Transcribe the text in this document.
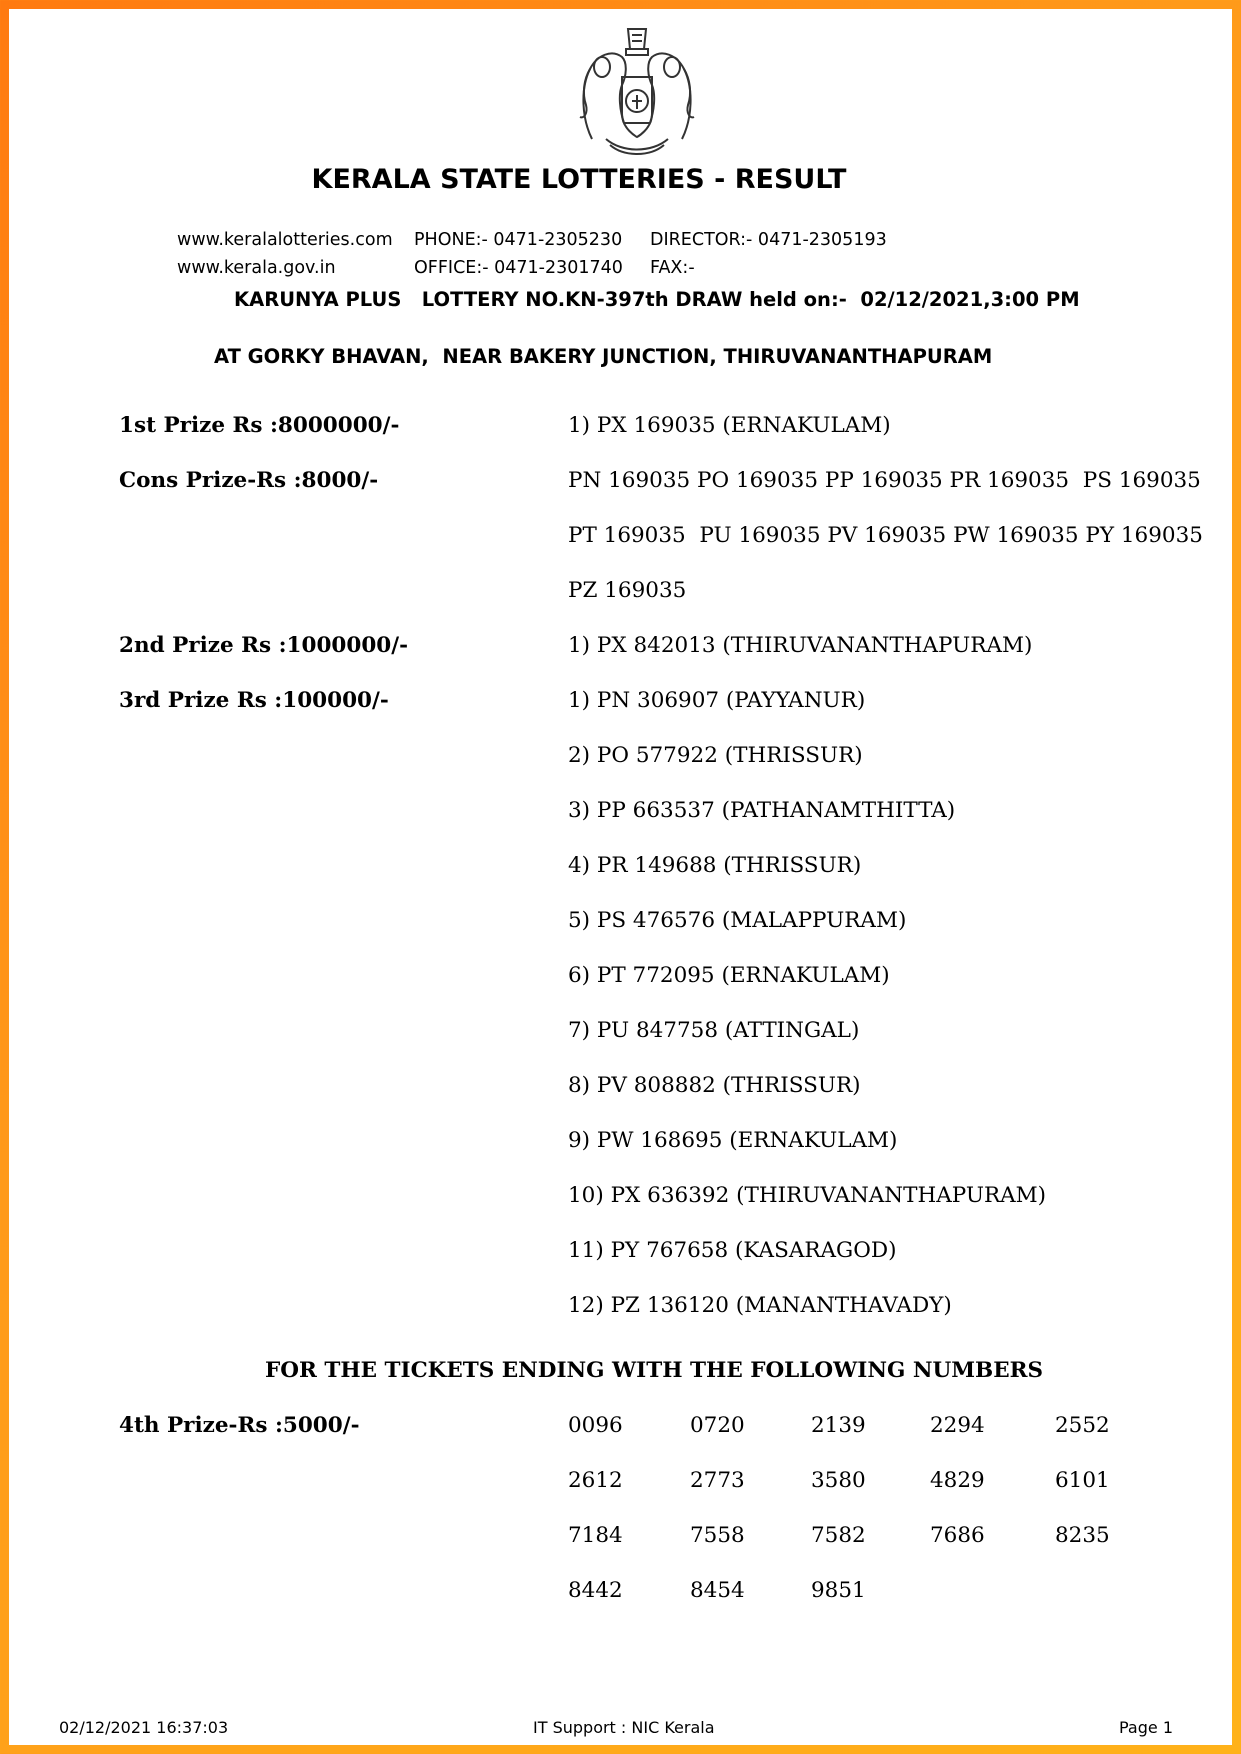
KERALA STATE LOTTERIES - RESULT
www.keralalotteries.com PHONE:- 0471-2305230 DIRECTOR:- 0471-2305193
www.kerala.gov.in	OFFICE:- 0471-2301740 FAX:-
KARUNYA PLUS   LOTTERY NO.KN-397th DRAW held on:-  02/12/2021,3:00 PM
AT GORKY BHAVAN,  NEAR BAKERY JUNCTION, THIRUVANANTHAPURAM
1st Prize Rs :8000000/-	1) PX 169035 (ERNAKULAM)
Cons Prize-Rs :8000/-	PN 169035 PO 169035 PP 169035 PR 169035  PS 169035
PT 169035  PU 169035 PV 169035 PW 169035 PY 169035
PZ 169035
2nd Prize Rs :1000000/-	1) PX 842013 (THIRUVANANTHAPURAM)
3rd Prize Rs :100000/-	1) PN 306907 (PAYYANUR)
2) PO 577922 (THRISSUR)
3) PP 663537 (PATHANAMTHITTA)
4) PR 149688 (THRISSUR)
5) PS 476576 (MALAPPURAM)
6) PT 772095 (ERNAKULAM)
7) PU 847758 (ATTINGAL)
8) PV 808882 (THRISSUR)
9) PW 168695 (ERNAKULAM)
10) PX 636392 (THIRUVANANTHAPURAM)
11) PY 767658 (KASARAGOD)
12) PZ 136120 (MANANTHAVADY)
FOR THE TICKETS ENDING WITH THE FOLLOWING NUMBERS
4th Prize-Rs :5000/-	0096	0720	2139	2294	2552
2612	2773	3580	4829	6101
7184	7558	7582	7686	8235
8442	8454	9851
02/12/2021 16:37:03	IT Support : NIC Kerala	Page 1
